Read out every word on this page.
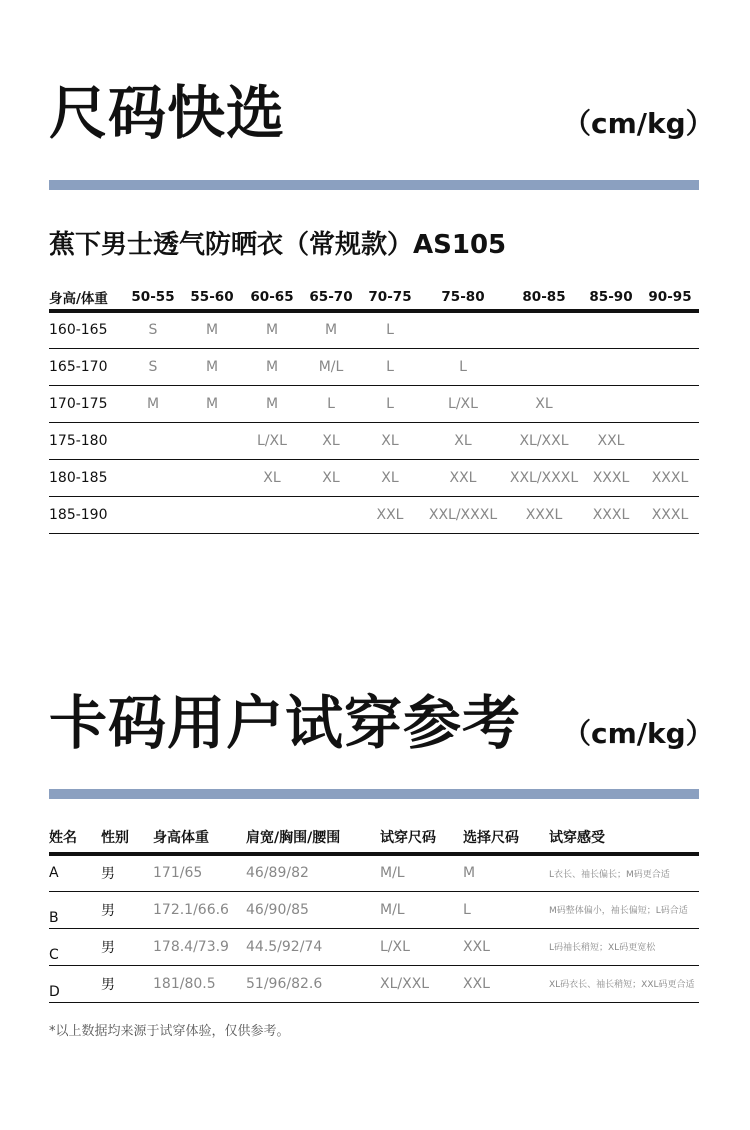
尺码快选	（cm/kg）
蕉下男士透气防晒衣（常规款）AS105
身高/体重	50-55	55-60	60-65	65-70	70-75	75-80	80-85	85-90	90-95
160-165	S	M	M	M	L				
165-170	S	M	M	M/L	L	L			
170-175	M	M	M	L	L	L/XL	XL		
175-180			L/XL	XL	XL	XL	XL/XXL	XXL	
180-185			XL	XL	XL	XXL	XXL/XXXL	XXXL	XXXL
185-190					XXL	XXL/XXXL	XXXL	XXXL	XXXL
卡码用户试穿参考 （cm/kg）
姓名	性别	身高体重	肩宽/胸围/腰围	试穿尺码	选择尺码	试穿感受
A	男	171/65	46/89/82	M/L	M	L衣长、袖长偏长；M码更合适
B	男	172.1/66.6	46/90/85	M/L	L	M码整体偏小，袖长偏短；L码合适
C	男	178.4/73.9	44.5/92/74	L/XL	XXL	L码袖长稍短；XL码更宽松
D	男	181/80.5	51/96/82.6	XL/XXL	XXL	XL码衣长、袖长稍短；XXL码更合适
*以上数据均来源于试穿体验，仅供参考。
